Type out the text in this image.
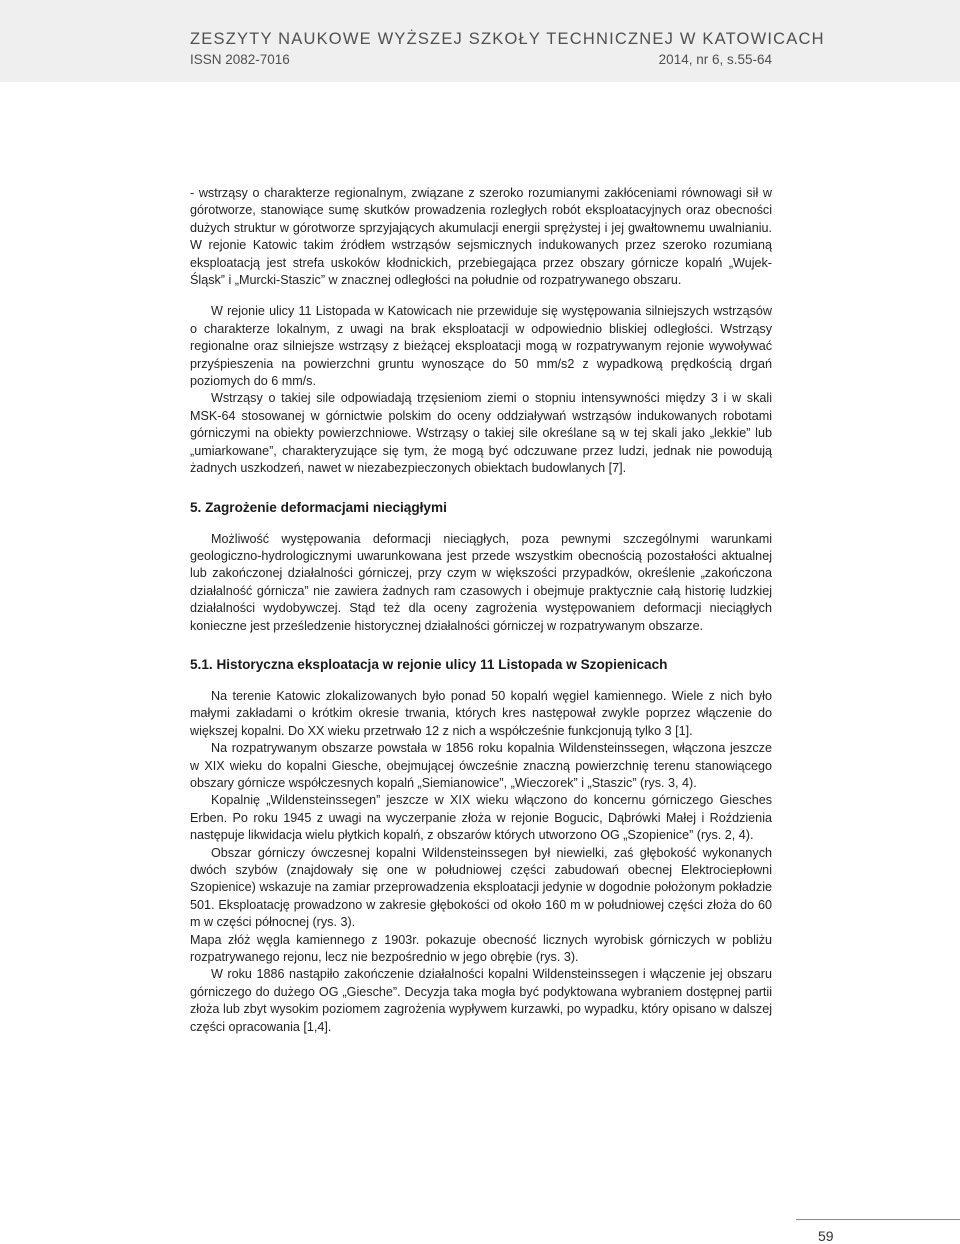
ZESZYTY NAUKOWE WYŻSZEJ SZKOŁY TECHNICZNEJ W KATOWICACH
ISSN 2082-7016	2014, nr 6, s.55-64

- wstrząsy o charakterze regionalnym, związane z szeroko rozumianymi zakłóceniami równowagi sił w górotworze, stanowiące sumę skutków prowadzenia rozległych robót eksploatacyjnych oraz obecności dużych struktur w górotworze sprzyjających akumulacji energii sprężystej i jej gwałtownemu uwalnianiu. W rejonie Katowic takim źródłem wstrząsów sejsmicznych indukowanych przez szeroko rozumianą eksploatacją jest strefa uskoków kłodnickich, przebiegająca przez obszary górnicze kopalń „Wujek-Śląsk” i „Murcki-Staszic” w znacznej odległości na południe od rozpatrywanego obszaru.

W rejonie ulicy 11 Listopada w Katowicach nie przewiduje się występowania silniejszych wstrząsów o charakterze lokalnym, z uwagi na brak eksploatacji w odpowiednio bliskiej odległości. Wstrząsy regionalne oraz silniejsze wstrząsy z bieżącej eksploatacji mogą w rozpatrywanym rejonie wywoływać przyśpieszenia na powierzchni gruntu wynoszące do 50 mm/s2 z wypadkową prędkością drgań poziomych do 6 mm/s.

Wstrząsy o takiej sile odpowiadają trzęsieniom ziemi o stopniu intensywności między 3 i w skali MSK-64 stosowanej w górnictwie polskim do oceny oddziaływań wstrząsów indukowanych robotami górniczymi na obiekty powierzchniowe. Wstrząsy o takiej sile określane są w tej skali jako „lekkie” lub „umiarkowane”, charakteryzujące się tym, że mogą być odczuwane przez ludzi, jednak nie powodują żadnych uszkodzeń, nawet w niezabezpieczonych obiektach budowlanych [7].

5. Zagrożenie deformacjami nieciągłymi

Możliwość występowania deformacji nieciągłych, poza pewnymi szczególnymi warunkami geologiczno-hydrologicznymi uwarunkowana jest przede wszystkim obecnością pozostałości aktualnej lub zakończonej działalności górniczej, przy czym w większości przypadków, określenie „zakończona działalność górnicza” nie zawiera żadnych ram czasowych i obejmuje praktycznie całą historię ludzkiej działalności wydobywczej. Stąd też dla oceny zagrożenia występowaniem deformacji nieciągłych konieczne jest prześledzenie historycznej działalności górniczej w rozpatrywanym obszarze.

5.1. Historyczna eksploatacja w rejonie ulicy 11 Listopada w Szopienicach

Na terenie Katowic zlokalizowanych było ponad 50 kopalń węgiel kamiennego. Wiele z nich było małymi zakładami o krótkim okresie trwania, których kres następował zwykle poprzez włączenie do większej kopalni. Do XX wieku przetrwało 12 z nich a współcześnie funkcjonują tylko 3 [1].

Na rozpatrywanym obszarze powstała w 1856 roku kopalnia Wildensteinssegen, włączona jeszcze w XIX wieku do kopalni Giesche, obejmującej ówcześnie znaczną powierzchnię terenu stanowiącego obszary górnicze współczesnych kopalń „Siemianowice”, „Wieczorek” i „Staszic” (rys. 3, 4).

Kopalnię „Wildensteinssegen” jeszcze w XIX wieku włączono do koncernu górniczego Giesches Erben. Po roku 1945 z uwagi na wyczerpanie złoża w rejonie Bogucic, Dąbrówki Małej i Roździenia następuje likwidacja wielu płytkich kopalń, z obszarów których utworzono OG „Szopienice” (rys. 2, 4).

Obszar górniczy ówczesnej kopalni Wildensteinssegen był niewielki, zaś głębokość wykonanych dwóch szybów (znajdowały się one w południowej części zabudowań obecnej Elektrociepłowni Szopienice) wskazuje na zamiar przeprowadzenia eksploatacji jedynie w dogodnie położonym pokładzie 501. Eksploatację prowadzono w zakresie głębokości od około 160 m w południowej części złoża do 60 m w części północnej (rys. 3).

Mapa złóż węgla kamiennego z 1903r. pokazuje obecność licznych wyrobisk górniczych w pobliżu rozpatrywanego rejonu, lecz nie bezpośrednio w jego obrębie (rys. 3).

W roku 1886 nastąpiło zakończenie działalności kopalni Wildensteinssegen i włączenie jej obszaru górniczego do dużego OG „Giesche”. Decyzja taka mogła być podyktowana wybraniem dostępnej partii złoża lub zbyt wysokim poziomem zagrożenia wypływem kurzawki, po wypadku, który opisano w dalszej części opracowania [1,4].

59
